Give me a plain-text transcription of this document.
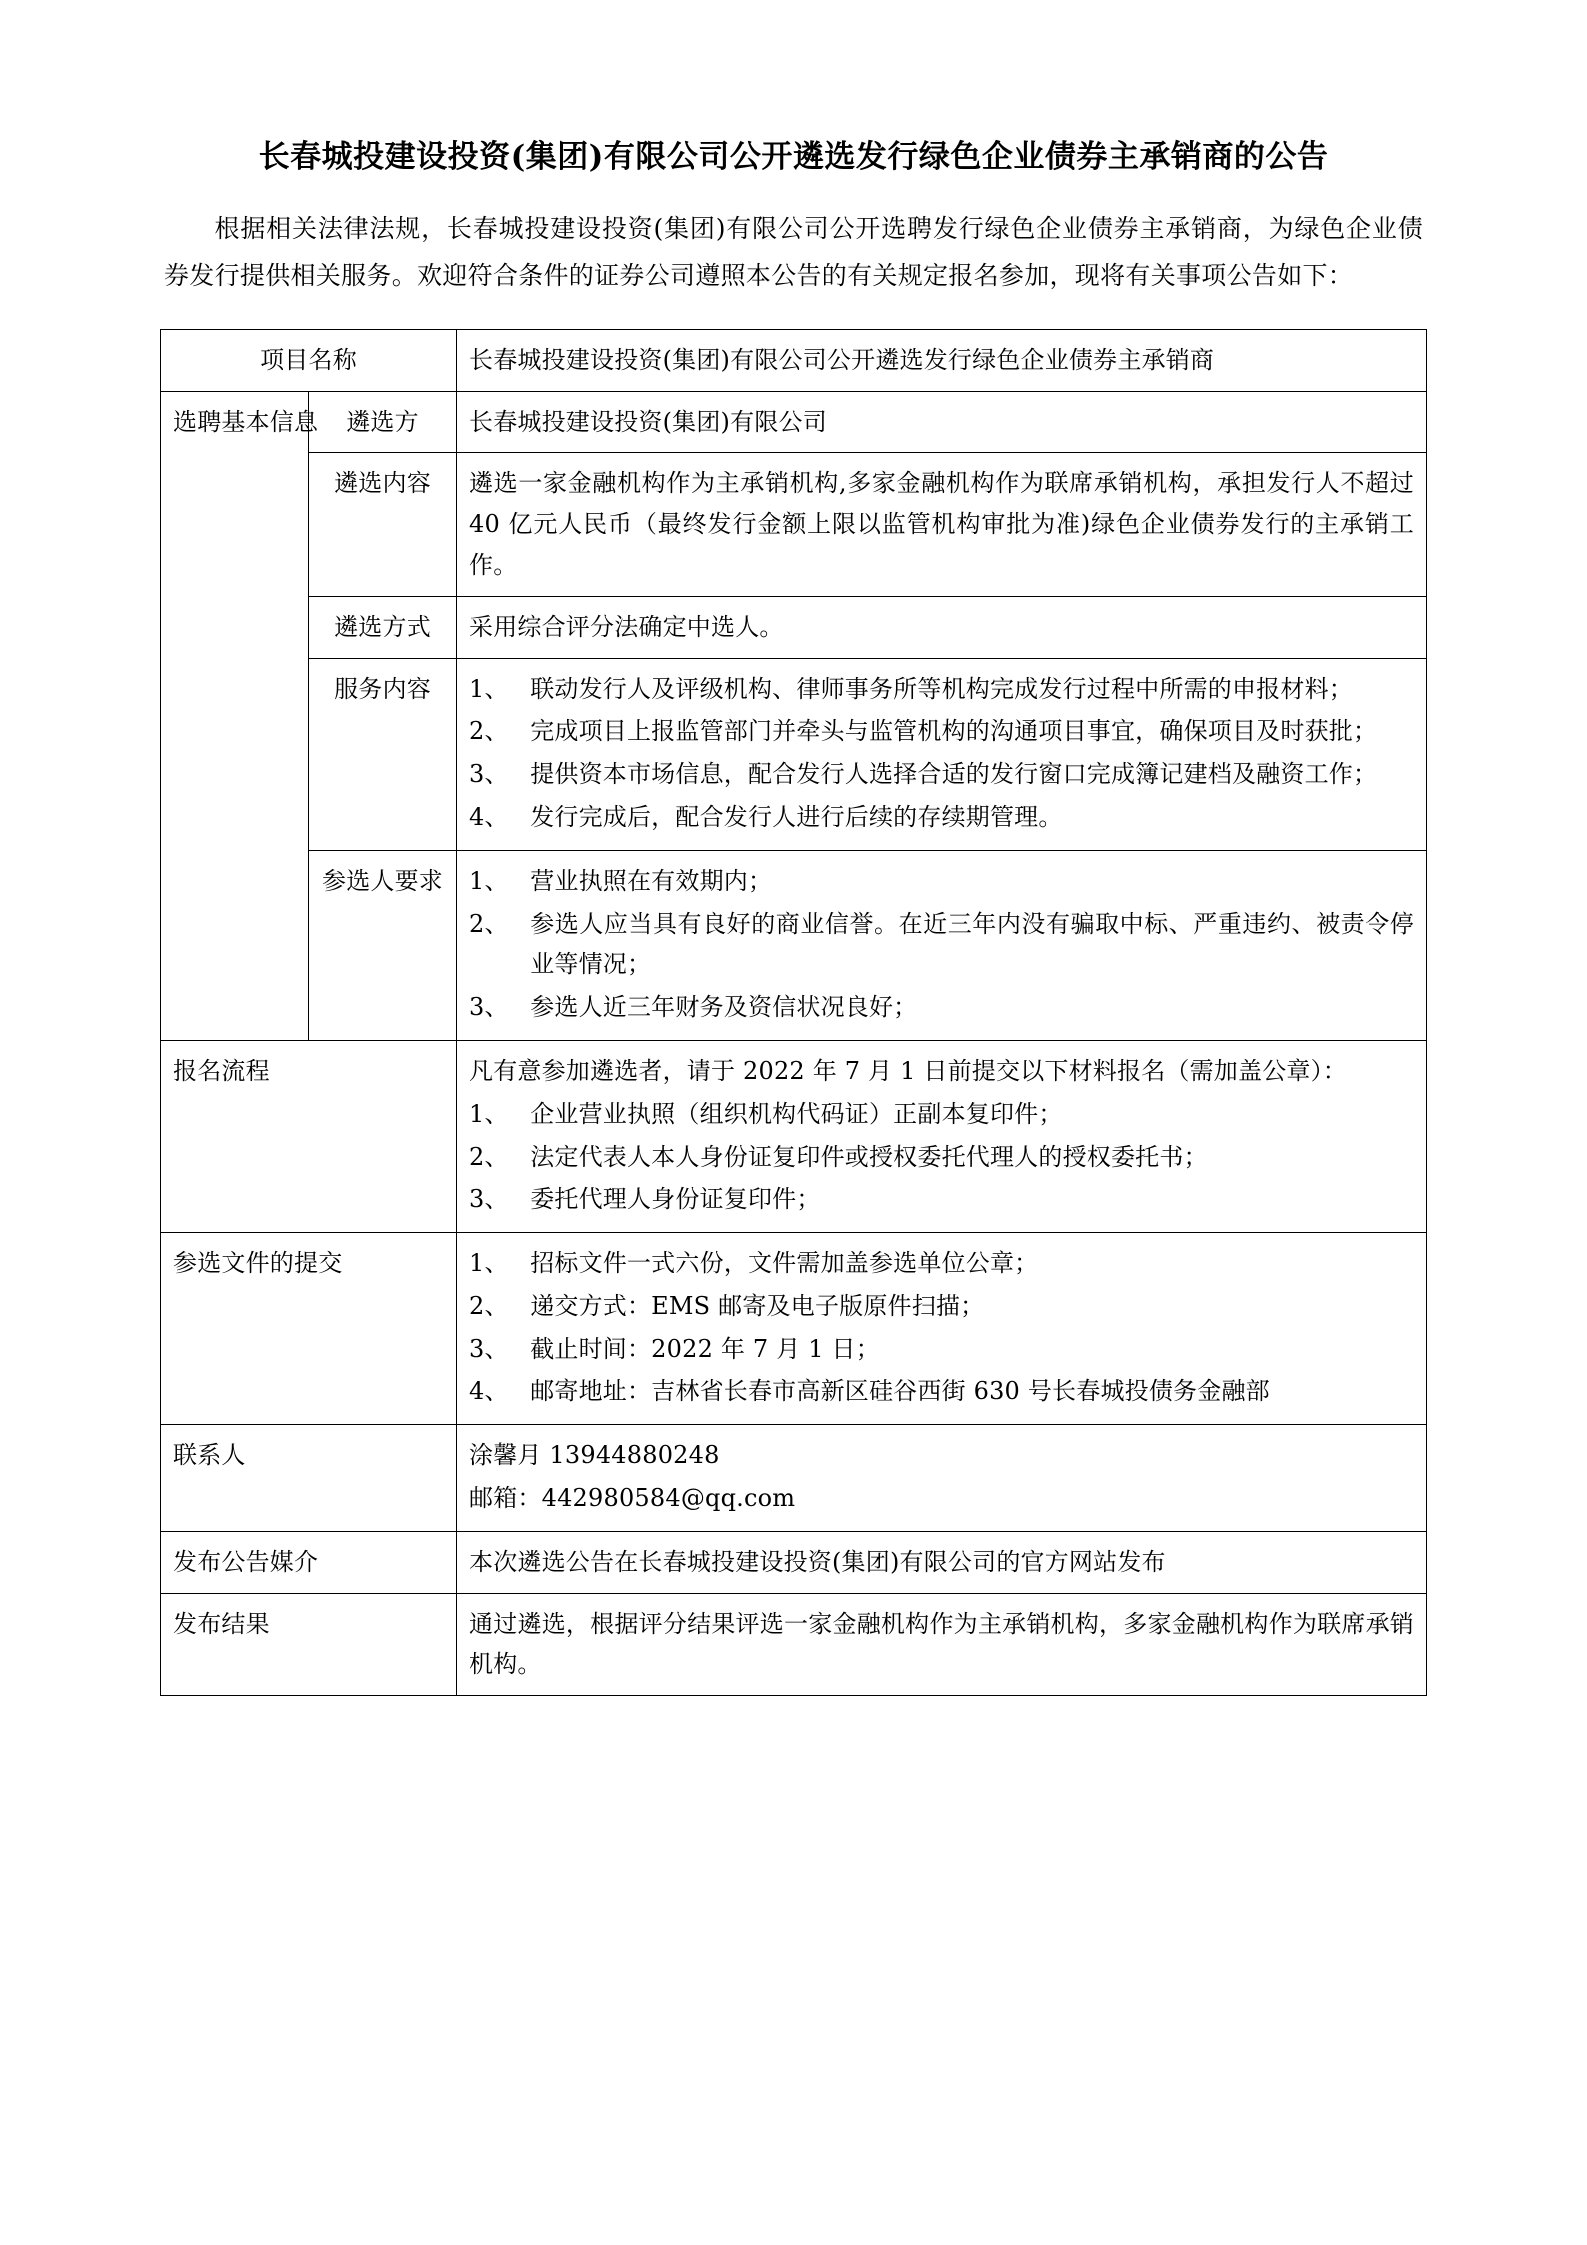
长春城投建设投资(集团)有限公司公开遴选发行绿色企业债券主承销商的公告
根据相关法律法规，长春城投建设投资(集团)有限公司公开选聘发行绿色企业债券主承销商，为绿色企业债券发行提供相关服务。欢迎符合条件的证券公司遵照本公告的有关规定报名参加，现将有关事项公告如下：
项目名称		长春城投建设投资(集团)有限公司公开遴选发行绿色企业债券主承销商
选聘基本信息	遴选方	长春城投建设投资(集团)有限公司
	遴选内容	遴选一家金融机构作为主承销机构,多家金融机构作为联席承销机构，承担发行人不超过 40 亿元人民币（最终发行金额上限以监管机构审批为准)绿色企业债券发行的主承销工作。
	遴选方式	采用综合评分法确定中选人。
服务内容	1、 联动发行人及评级机构、律师事务所等机构完成发行过程中所需的申报材料；
2、 完成项目上报监管部门并牵头与监管机构的沟通项目事宜，确保项目及时获批；
3、 提供资本市场信息，配合发行人选择合适的发行窗口完成簿记建档及融资工作；
4、 发行完成后，配合发行人进行后续的存续期管理。

参选人要求	1、 营业执照在有效期内；
2、 参选人应当具有良好的商业信誉。在近三年内没有骗取中标、严重违约、被责令停业等情况；
3、 参选人近三年财务及资信状况良好；

报名流程	凡有意参加遴选者，请于 2022 年 7 月 1 日前提交以下材料报名（需加盖公章）：
1、 企业营业执照（组织机构代码证）正副本复印件；
2、 法定代表人本人身份证复印件或授权委托代理人的授权委托书；
3、 委托代理人身份证复印件；

参选文件的提交	1、 招标文件一式六份，文件需加盖参选单位公章；
2、 递交方式：EMS 邮寄及电子版原件扫描；
3、 截止时间：2022 年 7 月 1 日；
4、 邮寄地址：吉林省长春市高新区硅谷西街 630 号长春城投债务金融部

联系人		涂馨月 13944880248
邮箱：442980584@qq.com

发布公告媒介		本次遴选公告在长春城投建设投资(集团)有限公司的官方网站发布
发布结果		通过遴选，根据评分结果评选一家金融机构作为主承销机构，多家金融机构作为联席承销机构。
